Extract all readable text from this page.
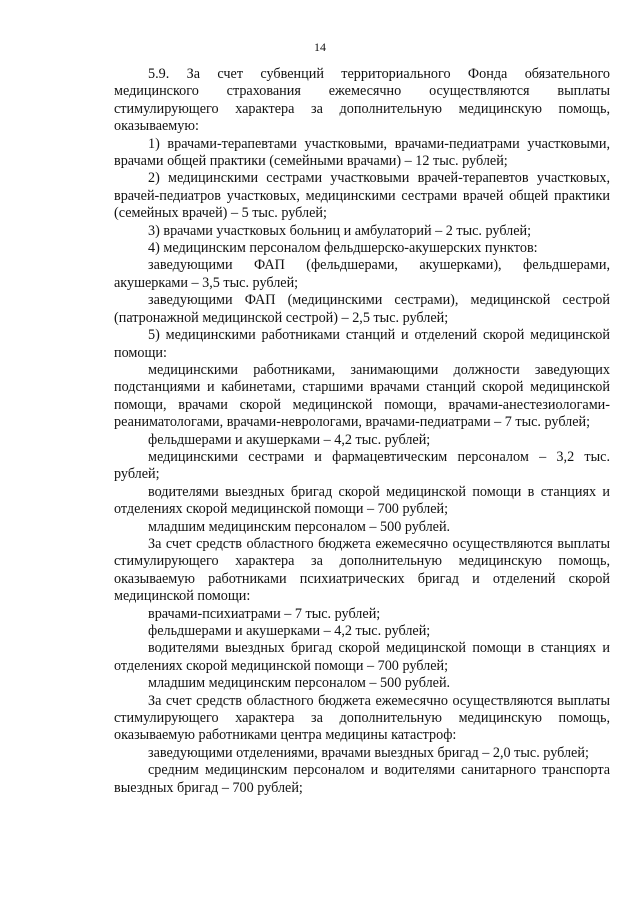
14

5.9. За счет субвенций территориального Фонда обязательного медицинского страхования ежемесячно осуществляются выплаты стимулирующего характера за дополнительную медицинскую помощь, оказываемую:

1) врачами-терапевтами участковыми, врачами-педиатрами участковыми, врачами общей практики (семейными врачами) – 12 тыс. рублей;

2) медицинскими сестрами участковыми врачей-терапевтов участковых, врачей-педиатров участковых, медицинскими сестрами врачей общей практики (семейных врачей) – 5 тыс. рублей;

3) врачами участковых больниц и амбулаторий – 2 тыс. рублей;

4) медицинским персоналом фельдшерско-акушерских пунктов:

заведующими ФАП (фельдшерами, акушерками), фельдшерами, акушерками – 3,5 тыс. рублей;

заведующими ФАП (медицинскими сестрами), медицинской сестрой (патронажной медицинской сестрой) – 2,5 тыс. рублей;

5) медицинскими работниками станций и отделений скорой медицинской помощи:

медицинскими работниками, занимающими должности заведующих подстанциями и кабинетами, старшими врачами станций скорой медицинской помощи, врачами скорой медицинской помощи, врачами-анестезиологами-реаниматологами, врачами-неврологами, врачами-педиатрами – 7 тыс. рублей;

фельдшерами и акушерками – 4,2 тыс. рублей;

медицинскими сестрами и фармацевтическим персоналом – 3,2 тыс. рублей;

водителями выездных бригад скорой медицинской помощи в станциях и отделениях скорой медицинской помощи – 700 рублей;

младшим медицинским персоналом – 500 рублей.

За счет средств областного бюджета ежемесячно осуществляются выплаты стимулирующего характера за дополнительную медицинскую помощь, оказываемую работниками психиатрических бригад и отделений скорой медицинской помощи:

врачами-психиатрами – 7 тыс. рублей;

фельдшерами и акушерками – 4,2 тыс. рублей;

водителями выездных бригад скорой медицинской помощи в станциях и отделениях скорой медицинской помощи – 700 рублей;

младшим медицинским персоналом – 500 рублей.

За счет средств областного бюджета ежемесячно осуществляются выплаты стимулирующего характера за дополнительную медицинскую помощь, оказываемую работниками центра медицины катастроф:

заведующими отделениями, врачами выездных бригад – 2,0 тыс. рублей;

средним медицинским персоналом и водителями санитарного транспорта выездных бригад – 700 рублей;
